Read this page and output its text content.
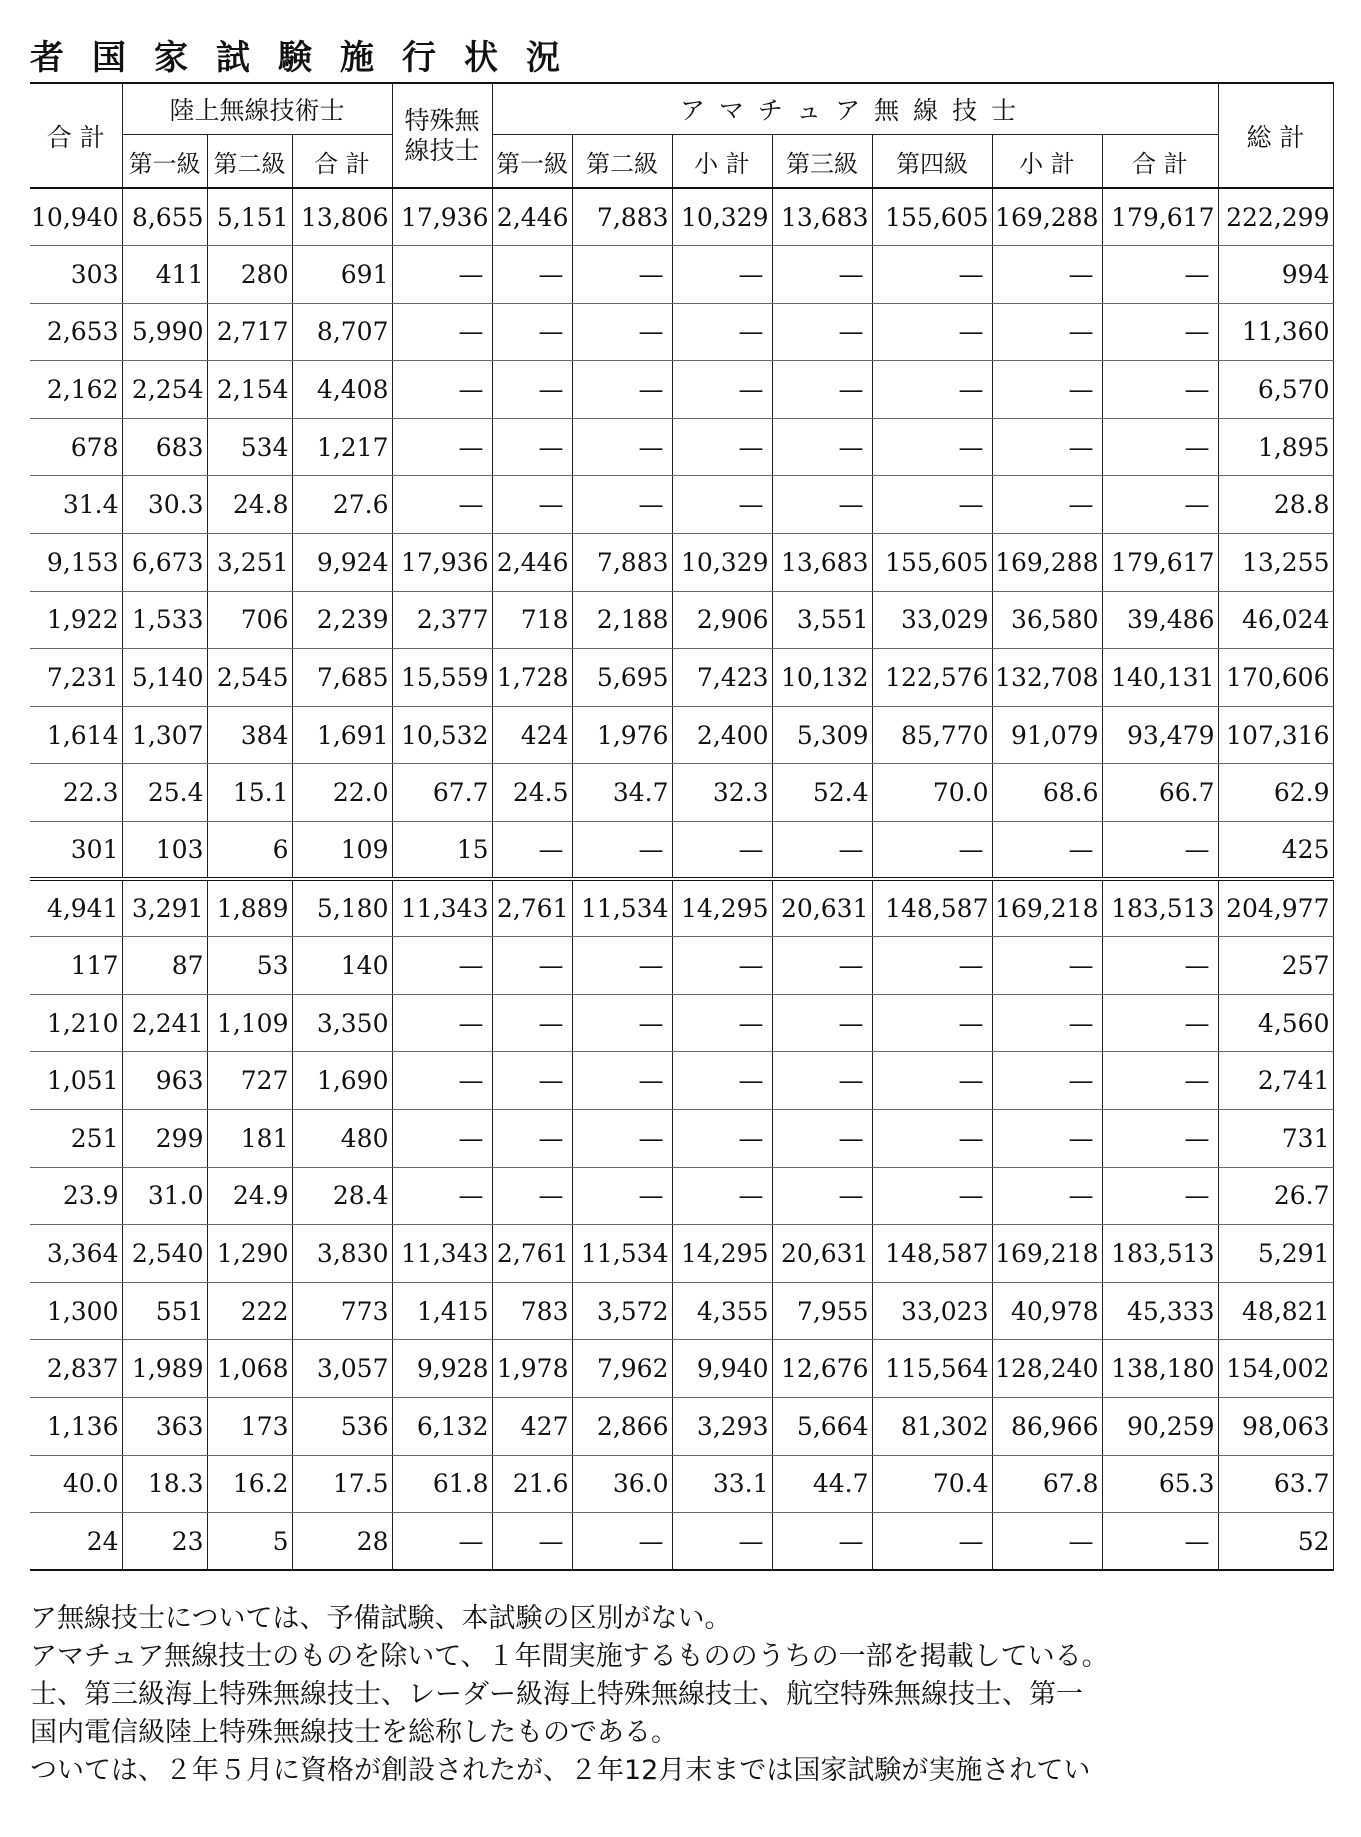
者国家試験施行状況
合 計	陸上無線技術士			特殊無
線技士	アマチュア無線技士							総 計
	第一級	第二級	合 計		第一級	第二級	小 計	第三級	第四級	小 計	合 計	
10,940	8,655	5,151	13,806	17,936	2,446	7,883	10,329	13,683	155,605	169,288	179,617	222,299
303	411	280	691	—	—	—	—	—	—	—	—	994
2,653	5,990	2,717	8,707	—	—	—	—	—	—	—	—	11,360
2,162	2,254	2,154	4,408	—	—	—	—	—	—	—	—	6,570
678	683	534	1,217	—	—	—	—	—	—	—	—	1,895
31.4	30.3	24.8	27.6	—	—	—	—	—	—	—	—	28.8
9,153	6,673	3,251	9,924	17,936	2,446	7,883	10,329	13,683	155,605	169,288	179,617	13,255
1,922	1,533	706	2,239	2,377	718	2,188	2,906	3,551	33,029	36,580	39,486	46,024
7,231	5,140	2,545	7,685	15,559	1,728	5,695	7,423	10,132	122,576	132,708	140,131	170,606
1,614	1,307	384	1,691	10,532	424	1,976	2,400	5,309	85,770	91,079	93,479	107,316
22.3	25.4	15.1	22.0	67.7	24.5	34.7	32.3	52.4	70.0	68.6	66.7	62.9
301	103	6	109	15	—	—	—	—	—	—	—	425
4,941	3,291	1,889	5,180	11,343	2,761	11,534	14,295	20,631	148,587	169,218	183,513	204,977
117	87	53	140	—	—	—	—	—	—	—	—	257
1,210	2,241	1,109	3,350	—	—	—	—	—	—	—	—	4,560
1,051	963	727	1,690	—	—	—	—	—	—	—	—	2,741
251	299	181	480	—	—	—	—	—	—	—	—	731
23.9	31.0	24.9	28.4	—	—	—	—	—	—	—	—	26.7
3,364	2,540	1,290	3,830	11,343	2,761	11,534	14,295	20,631	148,587	169,218	183,513	5,291
1,300	551	222	773	1,415	783	3,572	4,355	7,955	33,023	40,978	45,333	48,821
2,837	1,989	1,068	3,057	9,928	1,978	7,962	9,940	12,676	115,564	128,240	138,180	154,002
1,136	363	173	536	6,132	427	2,866	3,293	5,664	81,302	86,966	90,259	98,063
40.0	18.3	16.2	17.5	61.8	21.6	36.0	33.1	44.7	70.4	67.8	65.3	63.7
24	23	5	28	—	—	—	—	—	—	—	—	52

ア無線技士については、予備試験、本試験の区別がない。

アマチュア無線技士のものを除いて、１年間実施するもののうちの一部を掲載している。

士、第三級海上特殊無線技士、レーダー級海上特殊無線技士、航空特殊無線技士、第一

国内電信級陸上特殊無線技士を総称したものである。

ついては、２年５月に資格が創設されたが、２年12月末までは国家試験が実施されてい
